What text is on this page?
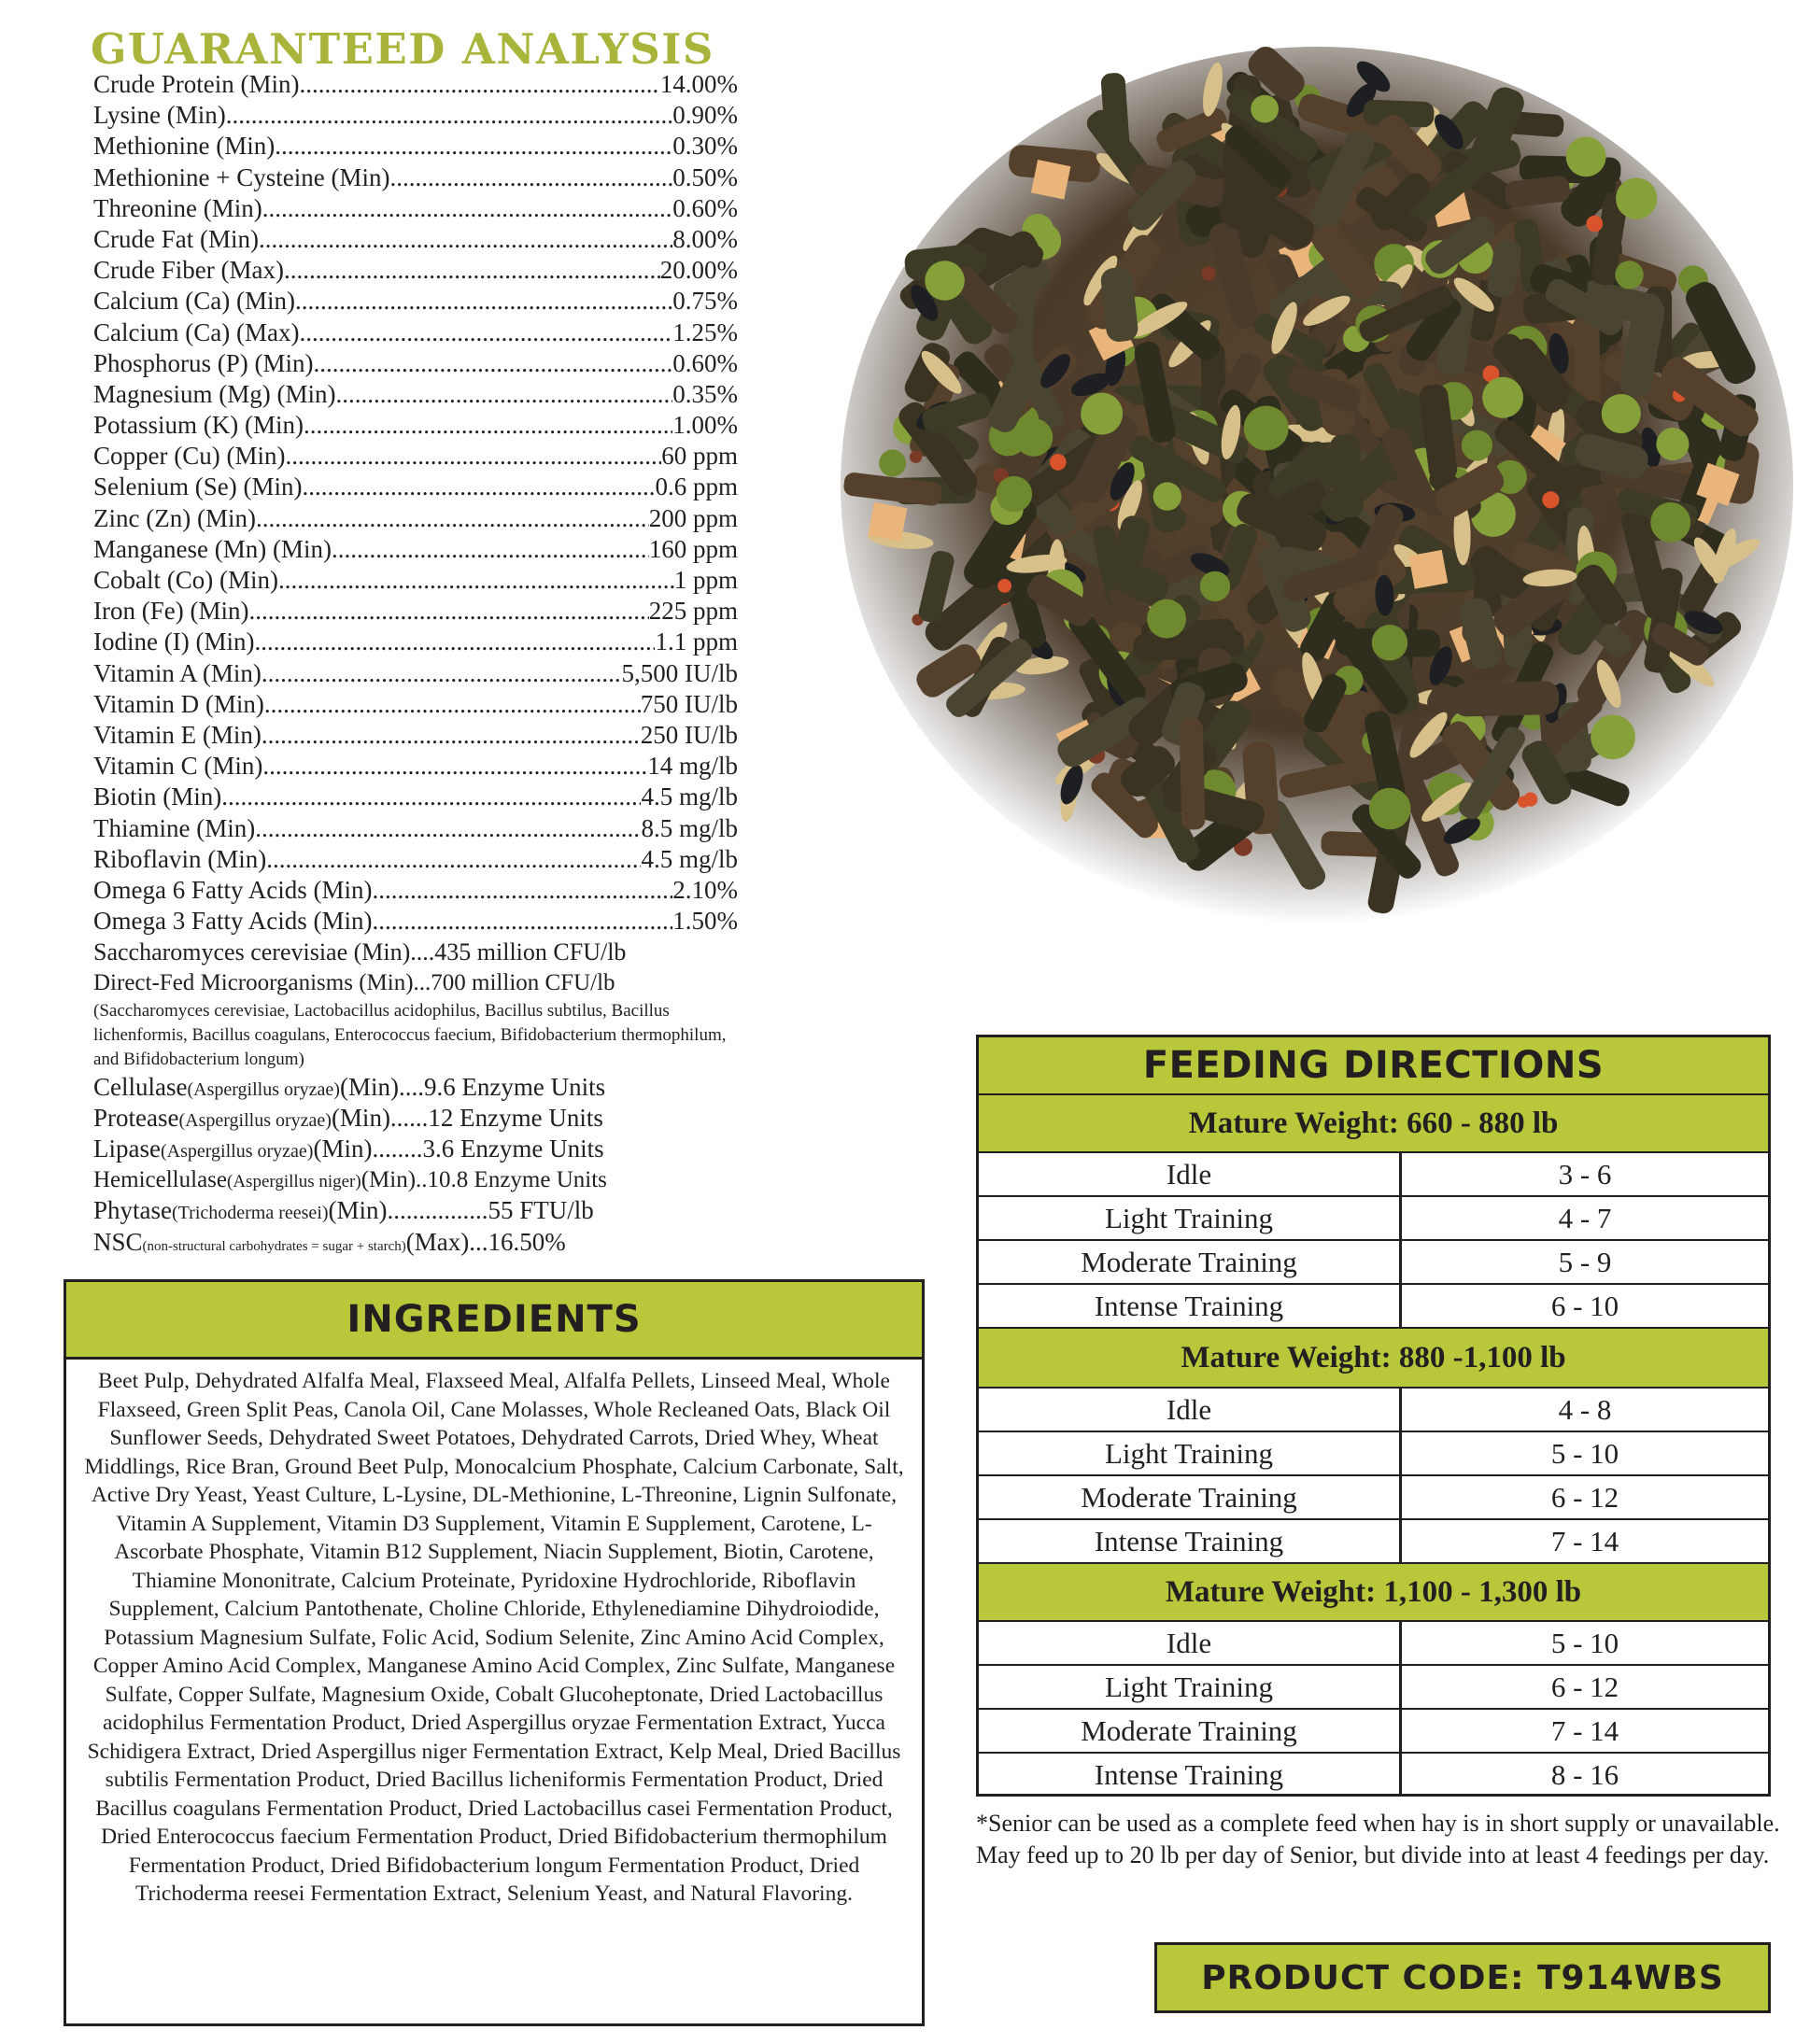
GUARANTEED ANALYSIS
Crude Protein (Min) .....	14.00%
Lysine (Min) .....	0.90%
Methionine (Min) .....	0.30%
Methionine + Cysteine (Min) .....	0.50%
Threonine (Min) .....	0.60%
Crude Fat (Min) .....	8.00%
Crude Fiber (Max) .....	20.00%
Calcium (Ca) (Min) .....	0.75%
Calcium (Ca) (Max) .....	1.25%
Phosphorus (P) (Min) .....	0.60%
Magnesium (Mg) (Min) .....	0.35%
Potassium (K) (Min) .....	1.00%
Copper (Cu) (Min) .....	60 ppm
Selenium (Se) (Min) .....	0.6 ppm
Zinc (Zn) (Min) .....	200 ppm
Manganese (Mn) (Min) .....	160 ppm
Cobalt (Co) (Min) .....	1 ppm
Iron (Fe) (Min) .....	225 ppm
Iodine (I) (Min) .....	1.1 ppm
Vitamin A (Min) .....	5,500 IU/lb
Vitamin D (Min) .....	750 IU/lb
Vitamin E (Min) .....	250 IU/lb
Vitamin C (Min) .....	14 mg/lb
Biotin (Min) .....	4.5 mg/lb
Thiamine (Min) .....	8.5 mg/lb
Riboflavin (Min) .....	4.5 mg/lb
Omega 6 Fatty Acids (Min) .....	2.10%
Omega 3 Fatty Acids (Min) .....	1.50%
Saccharomyces cerevisiae (Min)....435 million CFU/lb
Direct-Fed Microorganisms (Min)...700 million CFU/lb
(Saccharomyces cerevisiae, Lactobacillus acidophilus, Bacillus subtilus, Bacillus lichenformis, Bacillus coagulans, Enterococcus faecium, Bifidobacterium thermophilum, and Bifidobacterium longum)
Cellulase (Aspergillus oryzae) (Min)....9.6 Enzyme Units
Protease (Aspergillus oryzae) (Min)......12 Enzyme Units
Lipase (Aspergillus oryzae) (Min)........3.6 Enzyme Units
Hemicellulase (Aspergillus niger) (Min)..10.8 Enzyme Units
Phytase (Trichoderma reesei) (Min)................55 FTU/lb
NSC (non-structural carbohydrates = sugar + starch) (Max)...16.50%
INGREDIENTS
Beet Pulp, Dehydrated Alfalfa Meal, Flaxseed Meal, Alfalfa Pellets, Linseed Meal, Whole Flaxseed, Green Split Peas, Canola Oil, Cane Molasses, Whole Recleaned Oats, Black Oil Sunflower Seeds, Dehydrated Sweet Potatoes, Dehydrated Carrots, Dried Whey, Wheat Middlings, Rice Bran, Ground Beet Pulp, Monocalcium Phosphate, Calcium Carbonate, Salt, Active Dry Yeast, Yeast Culture, L-Lysine, DL-Methionine, L-Threonine, Lignin Sulfonate, Vitamin A Supplement, Vitamin D3 Supplement, Vitamin E Supplement, Carotene, L-Ascorbate Phosphate, Vitamin B12 Supplement, Niacin Supplement, Biotin, Carotene, Thiamine Mononitrate, Calcium Proteinate, Pyridoxine Hydrochloride, Riboflavin Supplement, Calcium Pantothenate, Choline Chloride, Ethylenediamine Dihydroiodide, Potassium Magnesium Sulfate, Folic Acid, Sodium Selenite, Zinc Amino Acid Complex, Copper Amino Acid Complex, Manganese Amino Acid Complex, Zinc Sulfate, Manganese Sulfate, Copper Sulfate, Magnesium Oxide, Cobalt Glucoheptonate, Dried Lactobacillus acidophilus Fermentation Product, Dried Aspergillus oryzae Fermentation Extract, Yucca Schidigera Extract, Dried Aspergillus niger Fermentation Extract, Kelp Meal, Dried Bacillus subtilis Fermentation Product, Dried Bacillus licheniformis Fermentation Product, Dried Bacillus coagulans Fermentation Product, Dried Lactobacillus casei Fermentation Product, Dried Enterococcus faecium Fermentation Product, Dried Bifidobacterium thermophilum Fermentation Product, Dried Bifidobacterium longum Fermentation Product, Dried Trichoderma reesei Fermentation Extract, Selenium Yeast, and Natural Flavoring.
FEEDING DIRECTIONS
Mature Weight: 660 - 880 lb
Idle	3 - 6
Light Training	4 - 7
Moderate Training	5 - 9
Intense Training	6 - 10
Mature Weight: 880 -1,100 lb
Idle	4 - 8
Light Training	5 - 10
Moderate Training	6 - 12
Intense Training	7 - 14
Mature Weight: 1,100 - 1,300 lb
Idle	5 - 10
Light Training	6 - 12
Moderate Training	7 - 14
Intense Training	8 - 16
*Senior can be used as a complete feed when hay is in short supply or unavailable. May feed up to 20 lb per day of Senior, but divide into at least 4 feedings per day.
PRODUCT CODE: T914WBS
